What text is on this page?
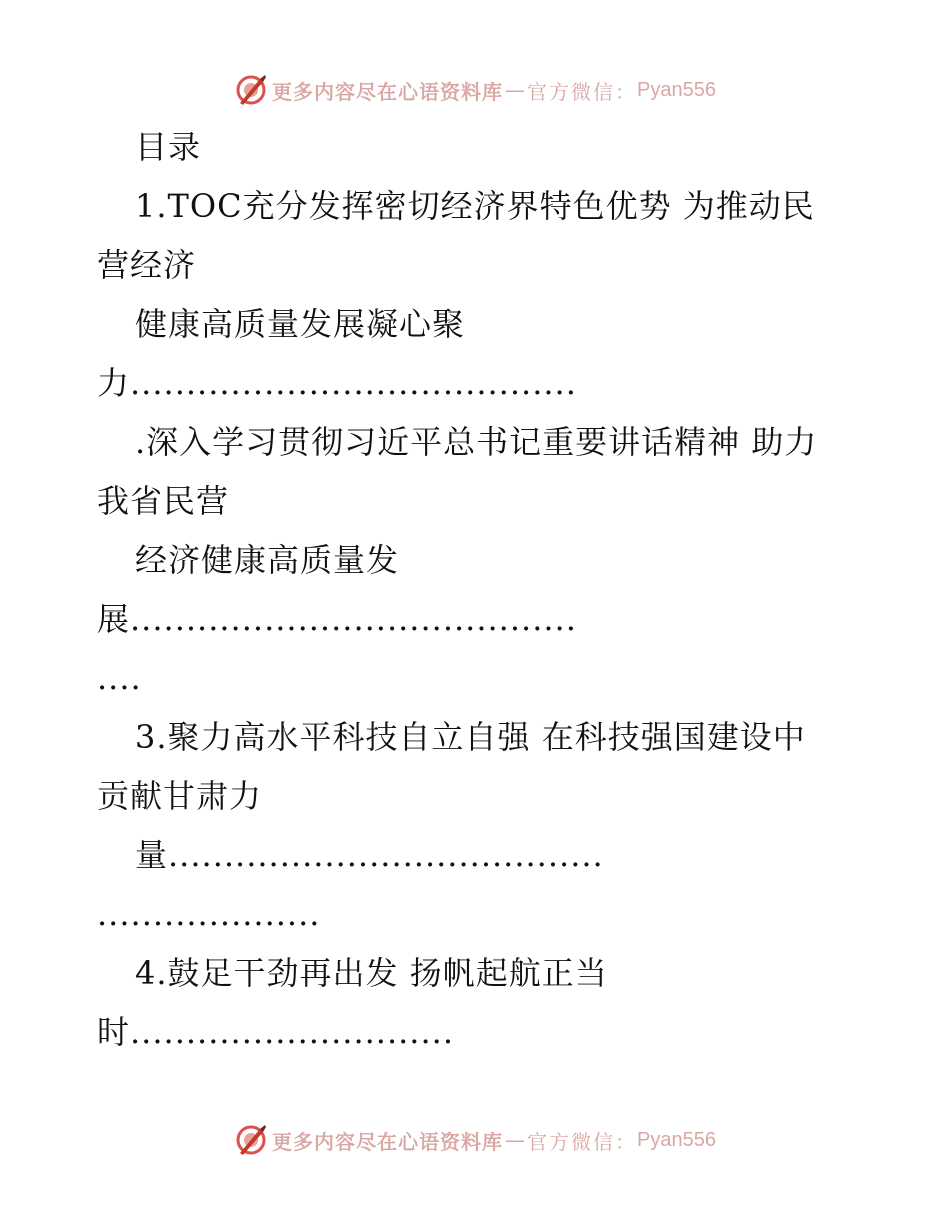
更多内容尽在心语资料库 — 官方微信： Pyan556
目录
1.TOC充分发挥密切经济界特色优势 为推动民
营经济
健康高质量发展凝心聚
力........................................
.深入学习贯彻习近平总书记重要讲话精神 助力
我省民营
经济健康高质量发
展........................................
....
3.聚力高水平科技自立自强 在科技强国建设中
贡献甘肃力
量.......................................
....................
4.鼓足干劲再出发 扬帆起航正当
时.............................
更多内容尽在心语资料库 — 官方微信： Pyan556
